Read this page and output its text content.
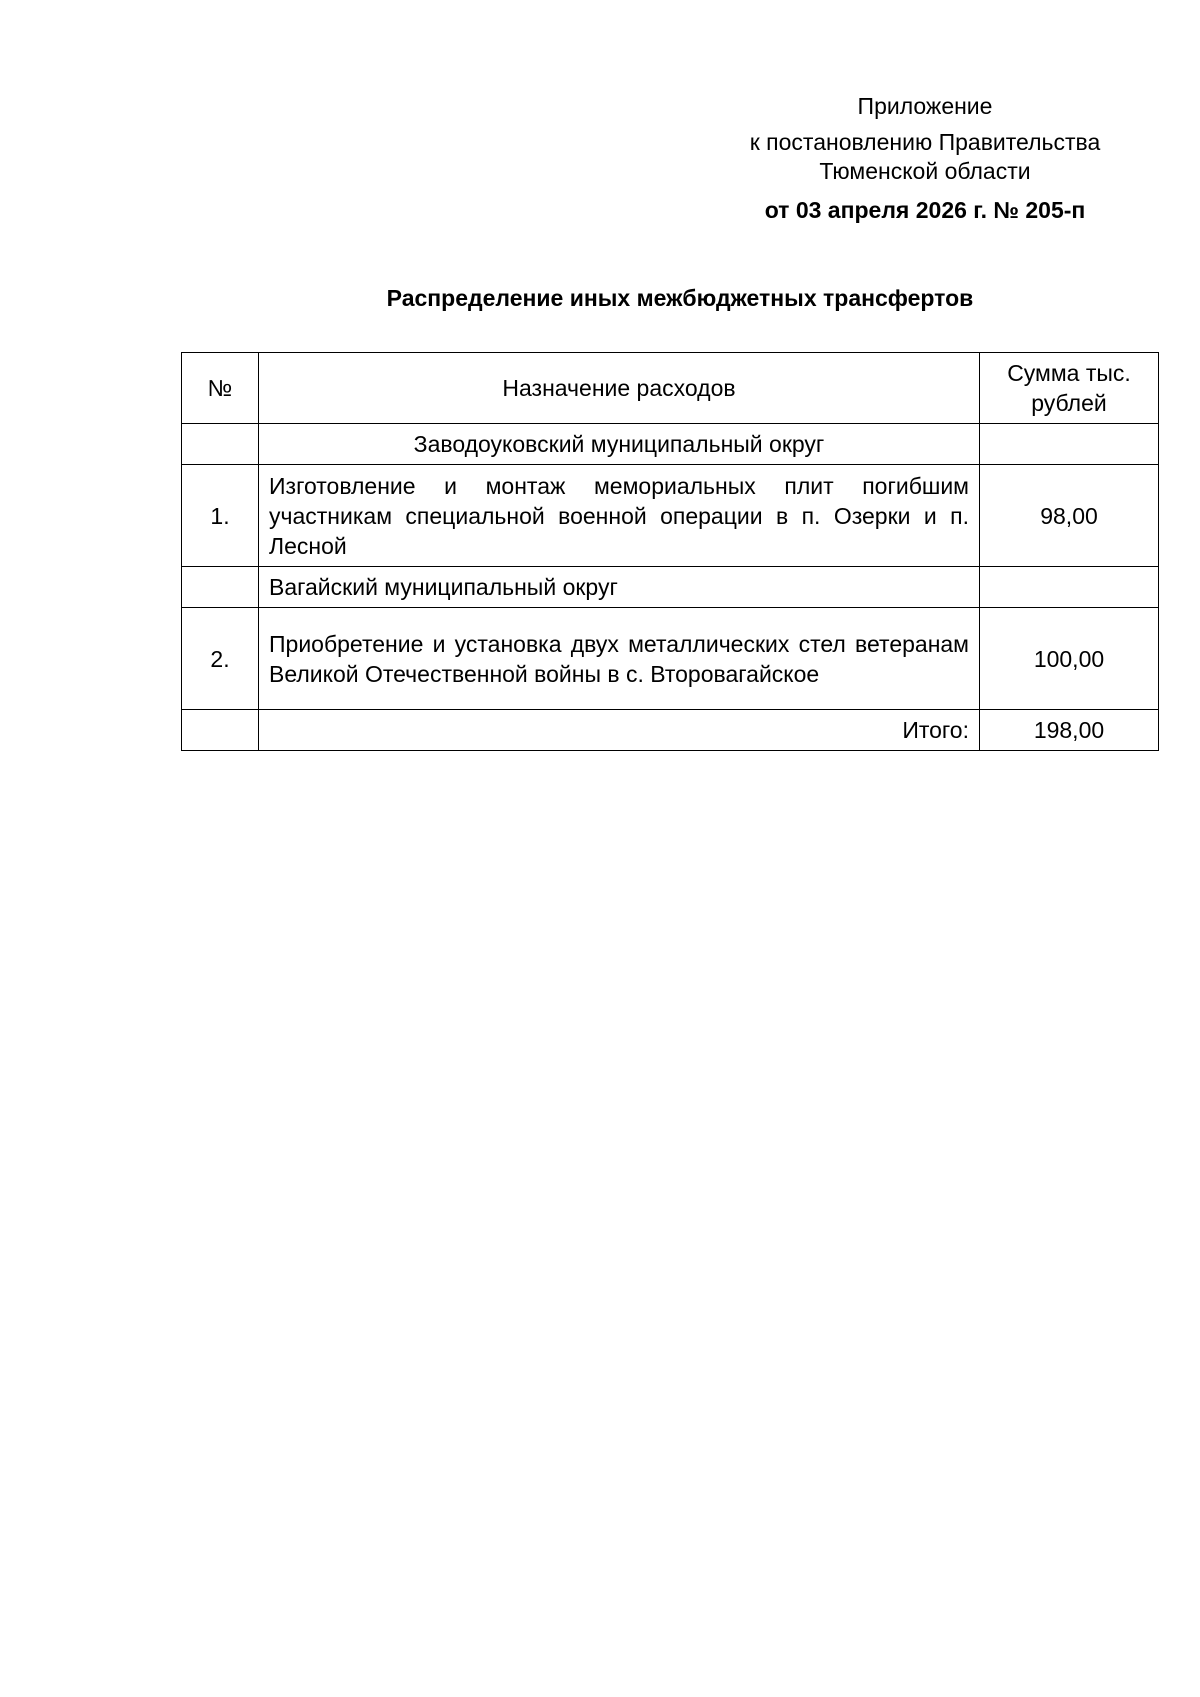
Приложение
к постановлению Правительства
Тюменской области
от 03 апреля 2026 г. № 205-п
Распределение иных межбюджетных трансфертов
№	Назначение расходов	Сумма тыс. рублей
	Заводоуковский муниципальный округ	
1.	Изготовление и монтаж мемориальных плит погибшим участникам специальной военной операции в п. Озерки и п. Лесной	98,00
	Вагайский муниципальный округ	
2.	Приобретение и установка двух металлических стел ветеранам Великой Отечественной войны в с. Второвагайское	100,00
	Итого:	198,00
